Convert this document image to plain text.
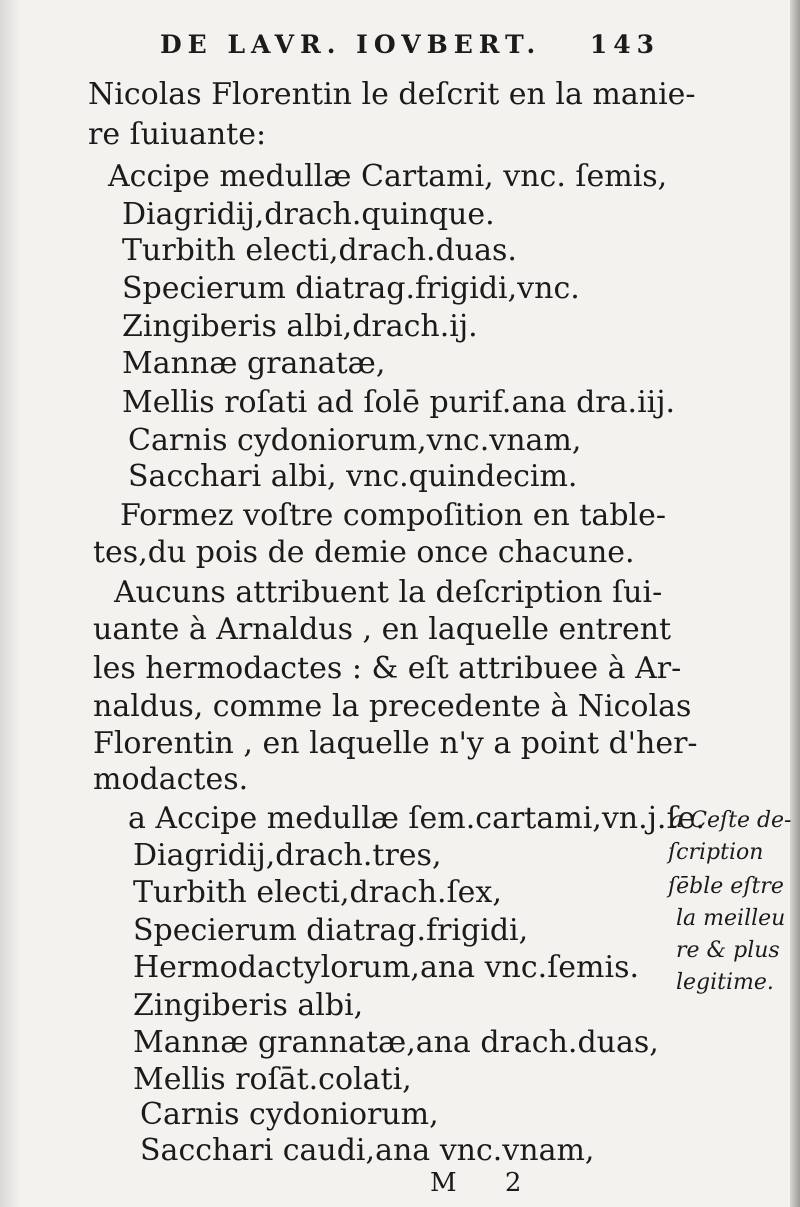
DE LAVR. IOVBERT. 143
Nicolas Florentin le deſcrit en la manie-
re ſuiuante:
Accipe medullæ Cartami, vnc. ſemis,
Diagridij,drach.quinque.
Turbith electi,drach.duas.
Specierum diatrag.frigidi,vnc.
Zingiberis albi,drach.ij.
Mannæ granatæ,
Mellis roſati ad ſolē purif.ana dra.iij.
Carnis cydoniorum,vnc.vnam,
Sacchari albi, vnc.quindecim.
Formez voſtre compoſition en table-
tes,du pois de demie once chacune.
Aucuns attribuent la deſcription ſui-
uante à Arnaldus , en laquelle entrent
les hermodactes : & eſt attribuee à Ar-
naldus, comme la precedente à Nicolas
Florentin , en laquelle n'y a point d'her-
modactes.
a Accipe medullæ ſem.cartami,vn.j.ſe.
Diagridij,drach.tres,
Turbith electi,drach.ſex,
Specierum diatrag.frigidi,
Hermodactylorum,ana vnc.ſemis.
Zingiberis albi,
Mannæ grannatæ,ana drach.duas,
Mellis roſāt.colati,
Carnis cydoniorum,
Sacchari caudi,ana vnc.vnam,
a Ceſte de-
ſcription
ſēble eſtre
la meilleu
re & plus
legitime.
M 2
